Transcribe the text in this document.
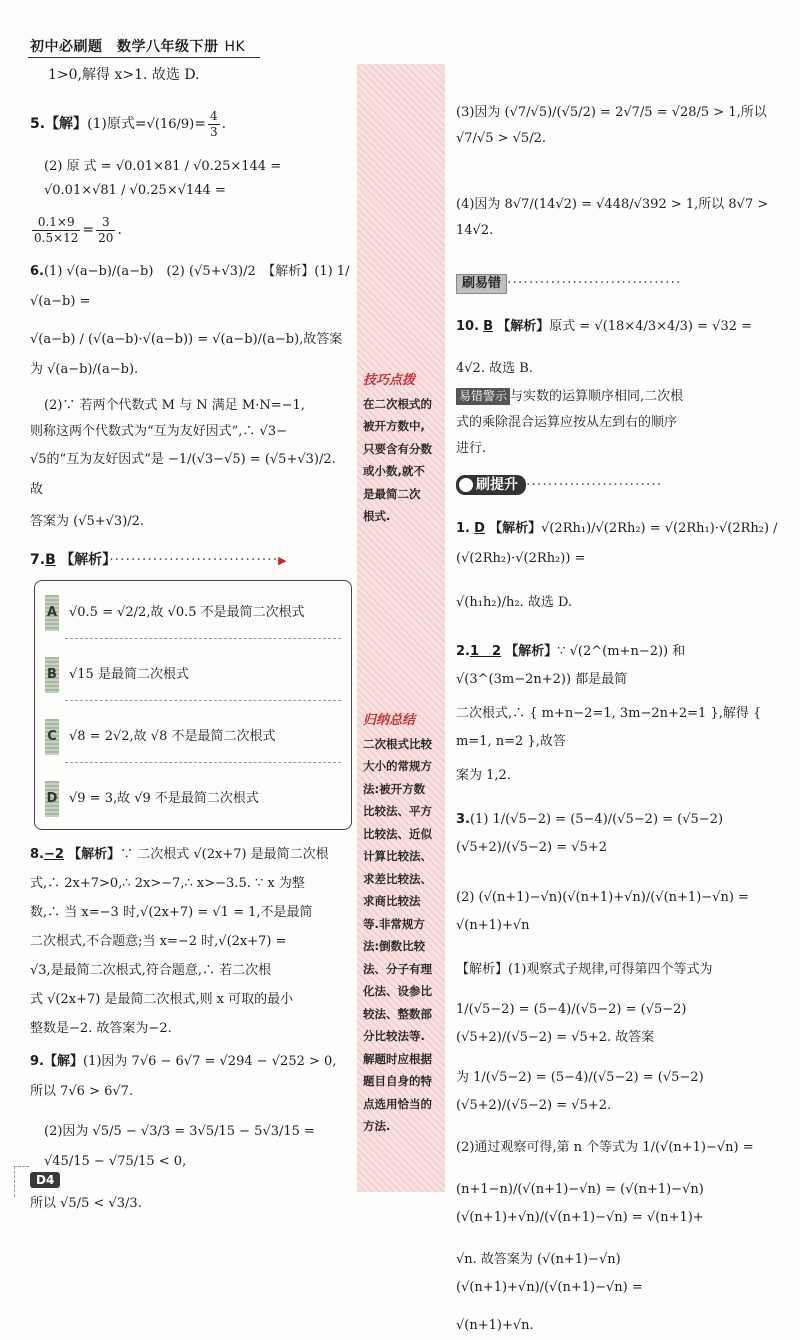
初中必刷题　数学八年级下册 HK

1>0,解得 x>1. 故选 D.

5.【解】(1)原式$=√(16/9)= \frac{4}{3}$ .

(2) 原 式 = √0.01×81 / √0.25×144 = √0.01×√81 / √0.25×√144 =

$\frac{0.1\times 9}{0.5\times 12} = \frac{3}{20}$ .

6.(1) √(a−b)/(a−b)　(2) (√5+√3)/2　【解析】(1) 1/√(a−b) =

√(a−b) / (√(a−b)·√(a−b)) = √(a−b)/(a−b),故答案为 √(a−b)/(a−b).

(2)∵ 若两个代数式 M 与 N 满足 M·N=−1,

则称这两个代数式为“互为友好因式”,∴ √3−

√5的“互为友好因式”是 −1/(√3−√5) = (√5+√3)/2. 故

答案为 (√5+√3)/2.

7.B 【解析】·······························▶

A √0.5 = √2/2,故 √0.5 不是最简二次根式
B √15 是最简二次根式
C √8 = 2√2,故 √8 不是最简二次根式
D √9 = 3,故 √9 不是最简二次根式

8.−2 【解析】∵ 二次根式 √(2x+7) 是最简二次根

式,∴ 2x+7>0,∴ 2x>−7,∴ x>−3.5. ∵ x 为整

数,∴ 当 x=−3 时,√(2x+7) = √1 = 1,不是最简

二次根式,不合题意;当 x=−2 时,√(2x+7) =

√3,是最简二次根式,符合题意,∴ 若二次根

式 √(2x+7) 是最简二次根式,则 x 可取的最小

整数是−2. 故答案为−2.

9.【解】(1)因为 7√6 − 6√7 = √294 − √252 > 0,

所以 7√6 > 6√7.

(2)因为 √5/5 − √3/3 = 3√5/15 − 5√3/15 = √45/15 − √75/15 < 0,

所以 √5/5 < √3/3.

技巧点拨
在二次根式的
被开方数中,
只要含有分数
或小数,就不
是最简二次
根式.
归纳总结
二次根式比较
大小的常规方
法:被开方数
比较法、平方
比较法、近似
计算比较法、
求差比较法、
求商比较法
等.非常规方
法:倒数比较
法、分子有理
化法、设参比
较法、整数部
分比较法等.
解题时应根据
题目自身的特
点选用恰当的
方法.

(3)因为 (√7/√5)/(√5/2) = 2√7/5 = √28/5 > 1,所以 √7/√5 > √5/2.

(4)因为 8√7/(14√2) = √448/√392 > 1,所以 8√7 > 14√2.

刷易错 ································

10. B 【解析】原式 = √(18×4/3×4/3) = √32 =

4√2. 故选 B.

易错警示 与实数的运算顺序相同,二次根

式的乘除混合运算应按从左到右的顺序

进行.

刷提升 ·························

1. D 【解析】√(2Rh₁)/√(2Rh₂) = √(2Rh₁)·√(2Rh₂) / (√(2Rh₂)·√(2Rh₂)) =

√(h₁h₂)/h₂. 故选 D.

2.1　2 【解析】∵ √(2^(m+n−2)) 和 √(3^(3m−2n+2)) 都是最简

二次根式,∴ { m+n−2=1, 3m−2n+2=1 },解得 { m=1, n=2 },故答

案为 1,2.

3.(1) 1/(√5−2) = (5−4)/(√5−2) = (√5−2)(√5+2)/(√5−2) = √5+2

(2) (√(n+1)−√n)(√(n+1)+√n)/(√(n+1)−√n) = √(n+1)+√n

【解析】(1)观察式子规律,可得第四个等式为

1/(√5−2) = (5−4)/(√5−2) = (√5−2)(√5+2)/(√5−2) = √5+2. 故答案

为 1/(√5−2) = (5−4)/(√5−2) = (√5−2)(√5+2)/(√5−2) = √5+2.

(2)通过观察可得,第 n 个等式为 1/(√(n+1)−√n) =

(n+1−n)/(√(n+1)−√n) = (√(n+1)−√n)(√(n+1)+√n)/(√(n+1)−√n) = √(n+1)+

√n. 故答案为 (√(n+1)−√n)(√(n+1)+√n)/(√(n+1)−√n) =

√(n+1)+√n.

D4
